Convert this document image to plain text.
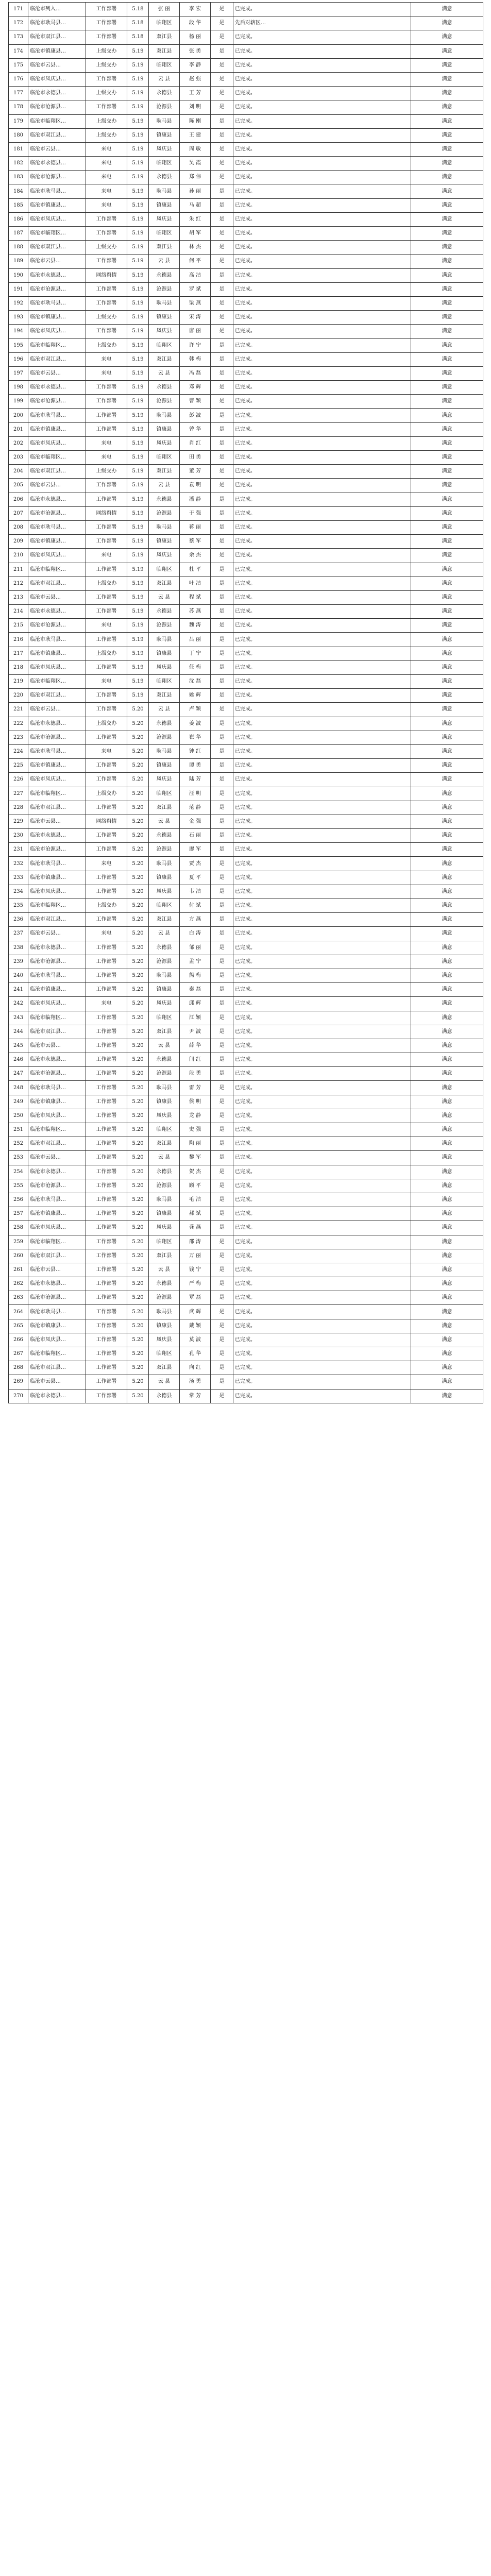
171	临沧市列入…	工作部署	5.18	张 丽	李 宏	是	已完成。	满意
172	临沧市耿马县…	工作部署	5.18	临翔区	段 华	是	先后对辖区…	满意
173	临沧市双江县…	工作部署	5.18	双江县	杨 丽	是	已完成。	满意
174	临沧市镇康县…	上级交办	5.19	双江县	张 勇	是	已完成。	满意
175	临沧市云县…	上级交办	5.19	临翔区	李 静	是	已完成。	满意
176	临沧市凤庆县…	工作部署	5.19	云 县	赵 强	是	已完成。	满意
177	临沧市永德县…	上级交办	5.19	永德县	王 芳	是	已完成。	满意
178	临沧市沧源县…	工作部署	5.19	沧源县	刘 明	是	已完成。	满意
179	临沧市临翔区…	上级交办	5.19	耿马县	陈 刚	是	已完成。	满意
180	临沧市双江县…	上级交办	5.19	镇康县	王 建	是	已完成。	满意
181	临沧市云县…	来电	5.19	凤庆县	周 敏	是	已完成。	满意
182	临沧市永德县…	来电	5.19	临翔区	吴 霞	是	已完成。	满意
183	临沧市沧源县…	来电	5.19	永德县	郑 伟	是	已完成。	满意
184	临沧市耿马县…	来电	5.19	耿马县	孙 丽	是	已完成。	满意
185	临沧市镇康县…	来电	5.19	镇康县	马 超	是	已完成。	满意
186	临沧市凤庆县…	工作部署	5.19	凤庆县	朱 红	是	已完成。	满意
187	临沧市临翔区…	工作部署	5.19	临翔区	胡 军	是	已完成。	满意
188	临沧市双江县…	上级交办	5.19	双江县	林 杰	是	已完成。	满意
189	临沧市云县…	工作部署	5.19	云 县	何 平	是	已完成。	满意
190	临沧市永德县…	网络舆情	5.19	永德县	高 洁	是	已完成。	满意
191	临沧市沧源县…	工作部署	5.19	沧源县	罗 斌	是	已完成。	满意
192	临沧市耿马县…	工作部署	5.19	耿马县	梁 燕	是	已完成。	满意
193	临沧市镇康县…	上级交办	5.19	镇康县	宋 涛	是	已完成。	满意
194	临沧市凤庆县…	工作部署	5.19	凤庆县	唐 丽	是	已完成。	满意
195	临沧市临翔区…	上级交办	5.19	临翔区	许 宁	是	已完成。	满意
196	临沧市双江县…	来电	5.19	双江县	韩 梅	是	已完成。	满意
197	临沧市云县…	来电	5.19	云 县	冯 磊	是	已完成。	满意
198	临沧市永德县…	工作部署	5.19	永德县	邓 辉	是	已完成。	满意
199	临沧市沧源县…	工作部署	5.19	沧源县	曹 颖	是	已完成。	满意
200	临沧市耿马县…	工作部署	5.19	耿马县	彭 波	是	已完成。	满意
201	临沧市镇康县…	工作部署	5.19	镇康县	曾 华	是	已完成。	满意
202	临沧市凤庆县…	来电	5.19	凤庆县	肖 红	是	已完成。	满意
203	临沧市临翔区…	来电	5.19	临翔区	田 勇	是	已完成。	满意
204	临沧市双江县…	上级交办	5.19	双江县	董 芳	是	已完成。	满意
205	临沧市云县…	工作部署	5.19	云 县	袁 明	是	已完成。	满意
206	临沧市永德县…	工作部署	5.19	永德县	潘 静	是	已完成。	满意
207	临沧市沧源县…	网络舆情	5.19	沧源县	于 强	是	已完成。	满意
208	临沧市耿马县…	工作部署	5.19	耿马县	蒋 丽	是	已完成。	满意
209	临沧市镇康县…	工作部署	5.19	镇康县	蔡 军	是	已完成。	满意
210	临沧市凤庆县…	来电	5.19	凤庆县	余 杰	是	已完成。	满意
211	临沧市临翔区…	工作部署	5.19	临翔区	杜 平	是	已完成。	满意
212	临沧市双江县…	上级交办	5.19	双江县	叶 洁	是	已完成。	满意
213	临沧市云县…	工作部署	5.19	云 县	程 斌	是	已完成。	满意
214	临沧市永德县…	工作部署	5.19	永德县	苏 燕	是	已完成。	满意
215	临沧市沧源县…	来电	5.19	沧源县	魏 涛	是	已完成。	满意
216	临沧市耿马县…	工作部署	5.19	耿马县	吕 丽	是	已完成。	满意
217	临沧市镇康县…	上级交办	5.19	镇康县	丁 宁	是	已完成。	满意
218	临沧市凤庆县…	工作部署	5.19	凤庆县	任 梅	是	已完成。	满意
219	临沧市临翔区…	来电	5.19	临翔区	沈 磊	是	已完成。	满意
220	临沧市双江县…	工作部署	5.19	双江县	姚 辉	是	已完成。	满意
221	临沧市云县…	工作部署	5.20	云 县	卢 颖	是	已完成。	满意
222	临沧市永德县…	上级交办	5.20	永德县	姜 波	是	已完成。	满意
223	临沧市沧源县…	工作部署	5.20	沧源县	崔 华	是	已完成。	满意
224	临沧市耿马县…	来电	5.20	耿马县	钟 红	是	已完成。	满意
225	临沧市镇康县…	工作部署	5.20	镇康县	谭 勇	是	已完成。	满意
226	临沧市凤庆县…	工作部署	5.20	凤庆县	陆 芳	是	已完成。	满意
227	临沧市临翔区…	上级交办	5.20	临翔区	汪 明	是	已完成。	满意
228	临沧市双江县…	工作部署	5.20	双江县	范 静	是	已完成。	满意
229	临沧市云县…	网络舆情	5.20	云 县	金 强	是	已完成。	满意
230	临沧市永德县…	工作部署	5.20	永德县	石 丽	是	已完成。	满意
231	临沧市沧源县…	工作部署	5.20	沧源县	廖 军	是	已完成。	满意
232	临沧市耿马县…	来电	5.20	耿马县	贾 杰	是	已完成。	满意
233	临沧市镇康县…	工作部署	5.20	镇康县	夏 平	是	已完成。	满意
234	临沧市凤庆县…	工作部署	5.20	凤庆县	韦 洁	是	已完成。	满意
235	临沧市临翔区…	上级交办	5.20	临翔区	付 斌	是	已完成。	满意
236	临沧市双江县…	工作部署	5.20	双江县	方 燕	是	已完成。	满意
237	临沧市云县…	来电	5.20	云 县	白 涛	是	已完成。	满意
238	临沧市永德县…	工作部署	5.20	永德县	邹 丽	是	已完成。	满意
239	临沧市沧源县…	工作部署	5.20	沧源县	孟 宁	是	已完成。	满意
240	临沧市耿马县…	工作部署	5.20	耿马县	熊 梅	是	已完成。	满意
241	临沧市镇康县…	工作部署	5.20	镇康县	秦 磊	是	已完成。	满意
242	临沧市凤庆县…	来电	5.20	凤庆县	邱 辉	是	已完成。	满意
243	临沧市临翔区…	工作部署	5.20	临翔区	江 颖	是	已完成。	满意
244	临沧市双江县…	工作部署	5.20	双江县	尹 波	是	已完成。	满意
245	临沧市云县…	工作部署	5.20	云 县	薛 华	是	已完成。	满意
246	临沧市永德县…	工作部署	5.20	永德县	闫 红	是	已完成。	满意
247	临沧市沧源县…	工作部署	5.20	沧源县	段 勇	是	已完成。	满意
248	临沧市耿马县…	工作部署	5.20	耿马县	雷 芳	是	已完成。	满意
249	临沧市镇康县…	工作部署	5.20	镇康县	侯 明	是	已完成。	满意
250	临沧市凤庆县…	工作部署	5.20	凤庆县	龙 静	是	已完成。	满意
251	临沧市临翔区…	工作部署	5.20	临翔区	史 强	是	已完成。	满意
252	临沧市双江县…	工作部署	5.20	双江县	陶 丽	是	已完成。	满意
253	临沧市云县…	工作部署	5.20	云 县	黎 军	是	已完成。	满意
254	临沧市永德县…	工作部署	5.20	永德县	贺 杰	是	已完成。	满意
255	临沧市沧源县…	工作部署	5.20	沧源县	顾 平	是	已完成。	满意
256	临沧市耿马县…	工作部署	5.20	耿马县	毛 洁	是	已完成。	满意
257	临沧市镇康县…	工作部署	5.20	镇康县	郝 斌	是	已完成。	满意
258	临沧市凤庆县…	工作部署	5.20	凤庆县	龚 燕	是	已完成。	满意
259	临沧市临翔区…	工作部署	5.20	临翔区	邵 涛	是	已完成。	满意
260	临沧市双江县…	工作部署	5.20	双江县	万 丽	是	已完成。	满意
261	临沧市云县…	工作部署	5.20	云 县	钱 宁	是	已完成。	满意
262	临沧市永德县…	工作部署	5.20	永德县	严 梅	是	已完成。	满意
263	临沧市沧源县…	工作部署	5.20	沧源县	覃 磊	是	已完成。	满意
264	临沧市耿马县…	工作部署	5.20	耿马县	武 辉	是	已完成。	满意
265	临沧市镇康县…	工作部署	5.20	镇康县	戴 颖	是	已完成。	满意
266	临沧市凤庆县…	工作部署	5.20	凤庆县	莫 波	是	已完成。	满意
267	临沧市临翔区…	工作部署	5.20	临翔区	孔 华	是	已完成。	满意
268	临沧市双江县…	工作部署	5.20	双江县	向 红	是	已完成。	满意
269	临沧市云县…	工作部署	5.20	云 县	汤 勇	是	已完成。	满意
270	临沧市永德县…	工作部署	5.20	永德县	常 芳	是	已完成。	满意
